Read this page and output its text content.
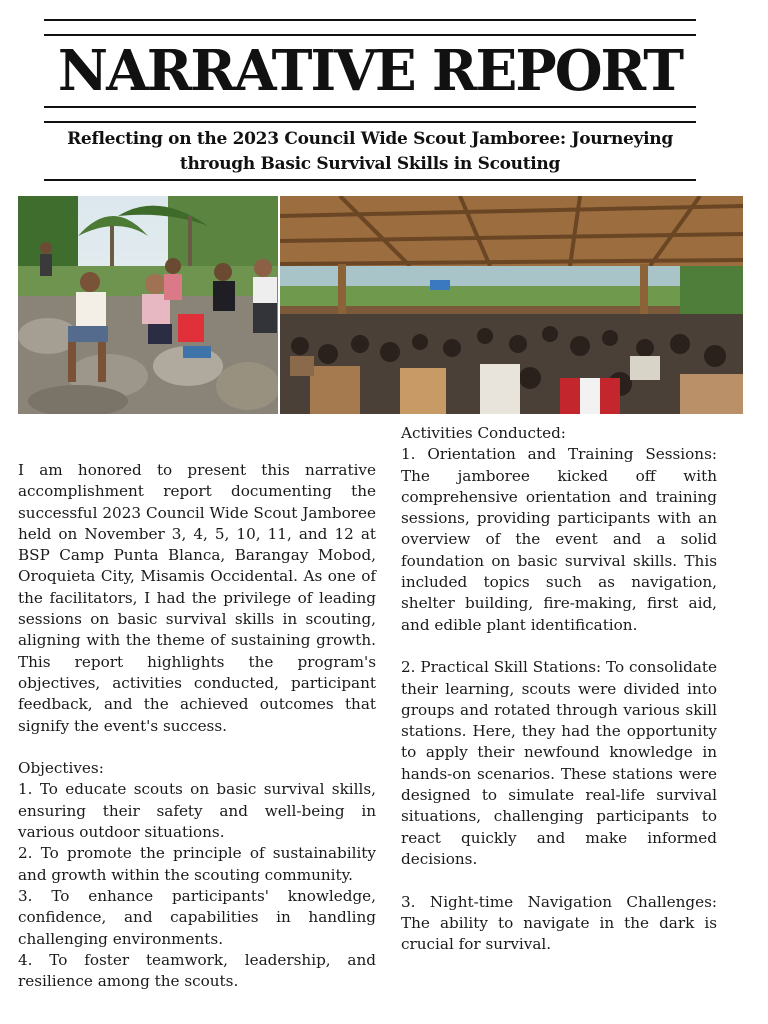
NARRATIVE REPORT
Reflecting on the 2023 Council Wide Scout Jamboree: Journeying through Basic Survival Skills in Scouting

I am honored to present this narrative accomplishment report documenting the successful 2023 Council Wide Scout Jamboree held on November 3, 4, 5, 10, 11, and 12 at BSP Camp Punta Blanca, Barangay Mobod, Oroquieta City, Misamis Occidental. As one of the facilitators, I had the privilege of leading sessions on basic survival skills in scouting, aligning with the theme of sustaining growth. This report highlights the program's objectives, activities conducted, participant feedback, and the achieved outcomes that signify the event's success.

Objectives:

1. To educate scouts on basic survival skills, ensuring their safety and well-being in various outdoor situations.

2. To promote the principle of sustainability and growth within the scouting community.

3. To enhance participants' knowledge, confidence, and capabilities in handling challenging environments.

4. To foster teamwork, leadership, and resilience among the scouts.

Activities Conducted:

1. Orientation and Training Sessions: The jamboree kicked off with comprehensive orientation and training sessions, providing participants with an overview of the event and a solid foundation on basic survival skills. This included topics such as navigation, shelter building, fire-making, first aid, and edible plant identification.

2. Practical Skill Stations: To consolidate their learning, scouts were divided into groups and rotated through various skill stations. Here, they had the opportunity to apply their newfound knowledge in hands-on scenarios. These stations were designed to simulate real-life survival situations, challenging participants to react quickly and make informed decisions.

3. Night-time Navigation Challenges: The ability to navigate in the dark is crucial for survival.
